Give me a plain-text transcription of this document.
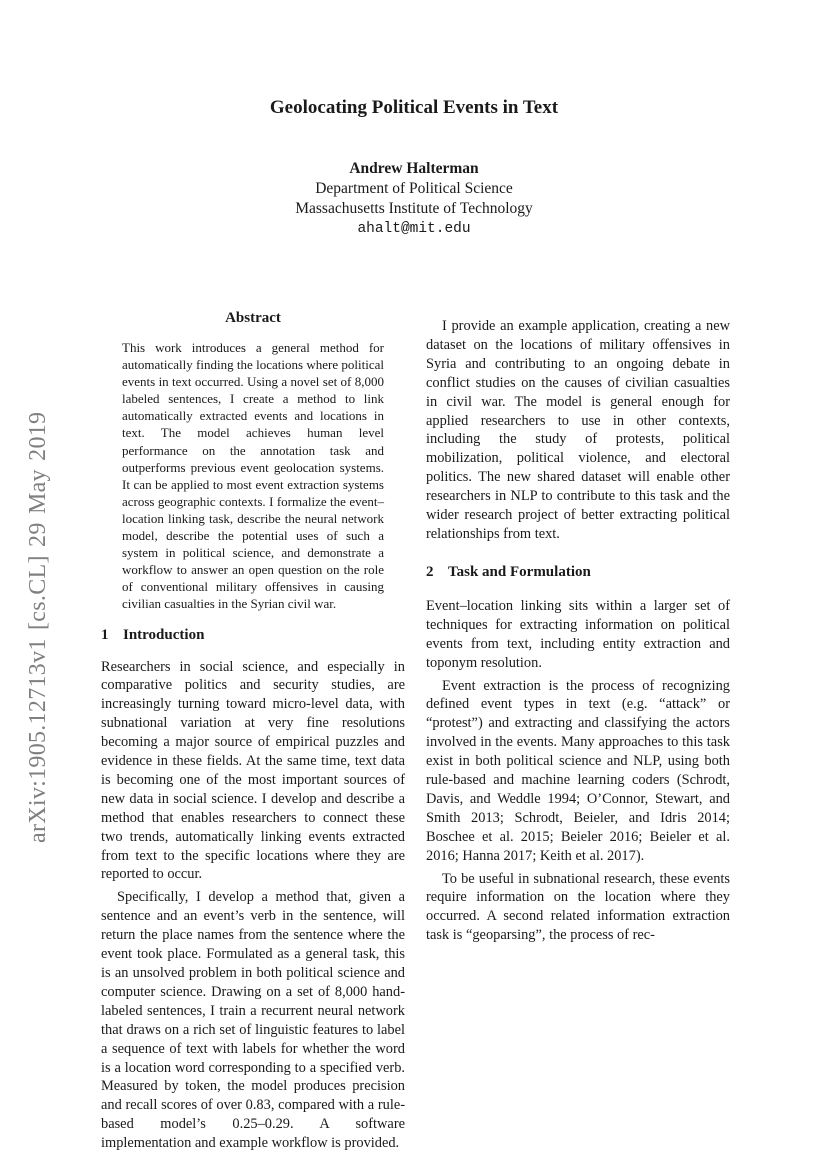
Geolocating Political Events in Text
Andrew Halterman
Department of Political Science
Massachusetts Institute of Technology
ahalt@mit.edu
arXiv:1905.12713v1 [cs.CL] 29 May 2019
Abstract
This work introduces a general method for automatically finding the locations where political events in text occurred. Using a novel set of 8,000 labeled sentences, I create a method to link automatically extracted events and locations in text. The model achieves human level performance on the annotation task and outperforms previous event geolocation systems. It can be applied to most event extraction systems across geographic contexts. I formalize the event–location linking task, describe the neural network model, describe the potential uses of such a system in political science, and demonstrate a workflow to answer an open question on the role of conventional military offensives in causing civilian casualties in the Syrian civil war.
1 Introduction

Researchers in social science, and especially in comparative politics and security studies, are increasingly turning toward micro-level data, with subnational variation at very fine resolutions becoming a major source of empirical puzzles and evidence in these fields. At the same time, text data is becoming one of the most important sources of new data in social science. I develop and describe a method that enables researchers to connect these two trends, automatically linking events extracted from text to the specific locations where they are reported to occur.

Specifically, I develop a method that, given a sentence and an event’s verb in the sentence, will return the place names from the sentence where the event took place. Formulated as a general task, this is an unsolved problem in both political science and computer science. Drawing on a set of 8,000 hand-labeled sentences, I train a recurrent neural network that draws on a rich set of linguistic features to label a sequence of text with labels for whether the word is a location word corresponding to a specified verb. Measured by token, the model produces precision and recall scores of over 0.83, compared with a rule-based model’s 0.25–0.29. A software implementation and example workflow is provided.

I provide an example application, creating a new dataset on the locations of military offensives in Syria and contributing to an ongoing debate in conflict studies on the causes of civilian casualties in civil war. The model is general enough for applied researchers to use in other contexts, including the study of protests, political mobilization, political violence, and electoral politics. The new shared dataset will enable other researchers in NLP to contribute to this task and the wider research project of better extracting political relationships from text.

2 Task and Formulation

Event–location linking sits within a larger set of techniques for extracting information on political events from text, including entity extraction and toponym resolution.

Event extraction is the process of recognizing defined event types in text (e.g. “attack” or “protest”) and extracting and classifying the actors involved in the events. Many approaches to this task exist in both political science and NLP, using both rule-based and machine learning coders (Schrodt, Davis, and Weddle 1994; O’Connor, Stewart, and Smith 2013; Schrodt, Beieler, and Idris 2014; Boschee et al. 2015; Beieler 2016; Beieler et al. 2016; Hanna 2017; Keith et al. 2017).

To be useful in subnational research, these events require information on the location where they occurred. A second related information extraction task is “geoparsing”, the process of rec-
